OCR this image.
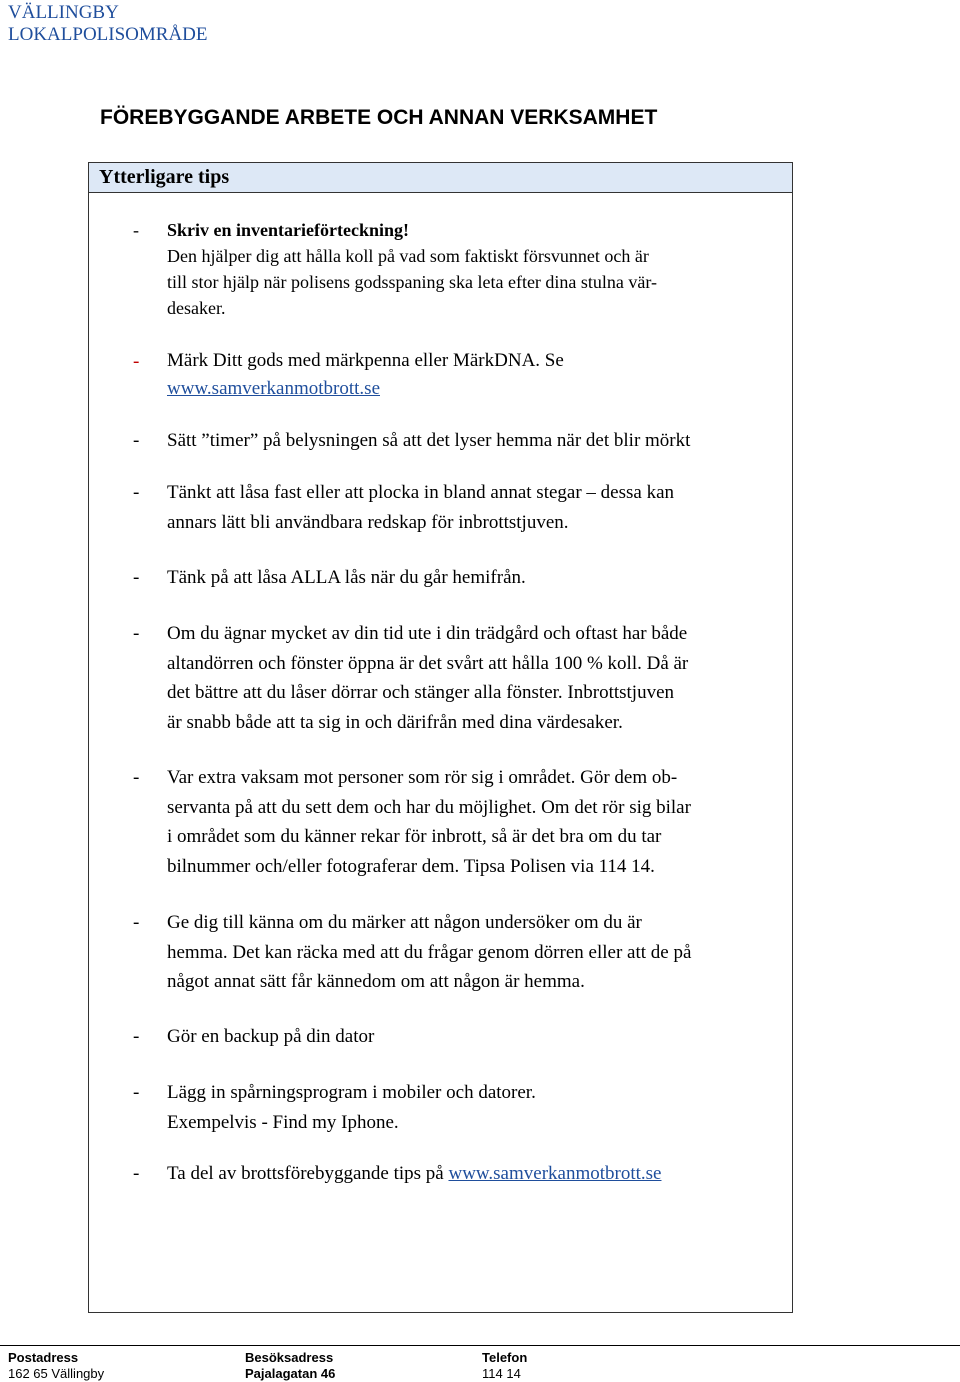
VÄLLINGBY
LOKALPOLISOMRÅDE
FÖREBYGGANDE ARBETE OCH ANNAN VERKSAMHET
Ytterligare tips
- Skriv en inventarieförteckning!
Den hjälper dig att hålla koll på vad som faktiskt försvunnet och är
till stor hjälp när polisens godsspaning ska leta efter dina stulna vär-
desaker.
- Märk Ditt gods med märkpenna eller MärkDNA. Se
www.samverkanmotbrott.se
- Sätt ”timer” på belysningen så att det lyser hemma när det blir mörkt
- Tänkt att låsa fast eller att plocka in bland annat stegar – dessa kan
annars lätt bli användbara redskap för inbrottstjuven.
- Tänk på att låsa ALLA lås när du går hemifrån.
- Om du ägnar mycket av din tid ute i din trädgård och oftast har både
altandörren och fönster öppna är det svårt att hålla 100 % koll. Då är
det bättre att du låser dörrar och stänger alla fönster. Inbrottstjuven
är snabb både att ta sig in och därifrån med dina värdesaker.
- Var extra vaksam mot personer som rör sig i området. Gör dem ob-
servanta på att du sett dem och har du möjlighet. Om det rör sig bilar
i området som du känner rekar för inbrott, så är det bra om du tar
bilnummer och/eller fotograferar dem. Tipsa Polisen via 114 14.
- Ge dig till känna om du märker att någon undersöker om du är
hemma. Det kan räcka med att du frågar genom dörren eller att de på
något annat sätt får kännedom om att någon är hemma.
- Gör en backup på din dator
- Lägg in spårningsprogram i mobiler och datorer.
Exempelvis - Find my Iphone.
- Ta del av brottsförebyggande tips på www.samverkanmotbrott.se
Postadress
162 65 Vällingby
Besöksadress
Pajalagatan 46
Telefon
114 14
